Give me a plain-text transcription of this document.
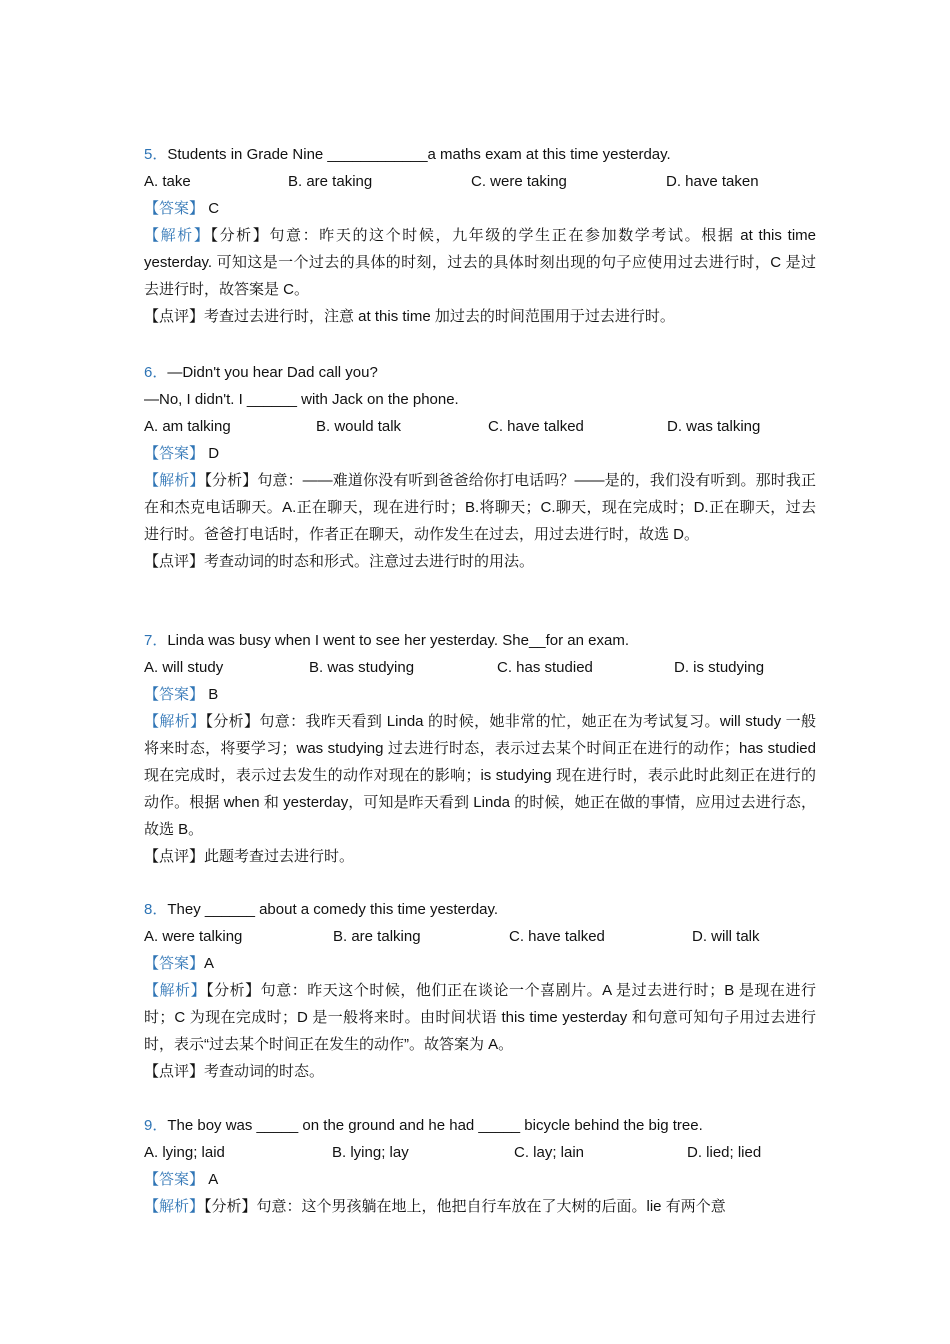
5．Students in Grade Nine ____________a maths exam at this time yesterday.
A. take	B. are taking	C. were taking	D. have taken
【答案】 C
【解析】【分析】句意：昨天的这个时候，九年级的学生正在参加数学考试。根据 at this time yesterday. 可知这是一个过去的具体的时刻，过去的具体时刻出现的句子应使用过去进行时，C 是过去进行时，故答案是 C。
【点评】考查过去进行时，注意 at this time 加过去的时间范围用于过去进行时。
6．—Didn't you hear Dad call you?
—No, I didn't. I ______ with Jack on the phone.
A. am talking	B. would talk	C. have talked	D. was talking
【答案】 D
【解析】【分析】句意：——难道你没有听到爸爸给你打电话吗？——是的，我们没有听到。那时我正在和杰克电话聊天。A.正在聊天，现在进行时；B.将聊天；C.聊天，现在完成时；D.正在聊天，过去进行时。爸爸打电话时，作者正在聊天，动作发生在过去，用过去进行时，故选 D。
【点评】考查动词的时态和形式。注意过去进行时的用法。
7．Linda was busy when I went to see her yesterday. She__for an exam.
A. will study	B. was studying	C. has studied	D. is studying
【答案】 B
【解析】【分析】句意：我昨天看到 Linda 的时候，她非常的忙，她正在为考试复习。will study 一般将来时态，将要学习；was studying 过去进行时态，表示过去某个时间正在进行的动作；has studied 现在完成时，表示过去发生的动作对现在的影响；is studying 现在进行时，表示此时此刻正在进行的动作。根据 when 和 yesterday，可知是昨天看到 Linda 的时候，她正在做的事情，应用过去进行态，故选 B。
【点评】此题考查过去进行时。
8．They ______ about a comedy this time yesterday.
A. were talking	B. are talking	C. have talked	D. will talk
【答案】A
【解析】【分析】句意：昨天这个时候，他们正在谈论一个喜剧片。A 是过去进行时；B 是现在进行时；C 为现在完成时；D 是一般将来时。由时间状语 this time yesterday 和句意可知句子用过去进行时，表示“过去某个时间正在发生的动作”。故答案为 A。
【点评】考查动词的时态。
9．The boy was _____ on the ground and he had _____ bicycle behind the big tree.
A. lying; laid	B. lying; lay	C. lay; lain	D. lied; lied
【答案】 A
【解析】【分析】句意：这个男孩躺在地上，他把自行车放在了大树的后面。lie 有两个意
